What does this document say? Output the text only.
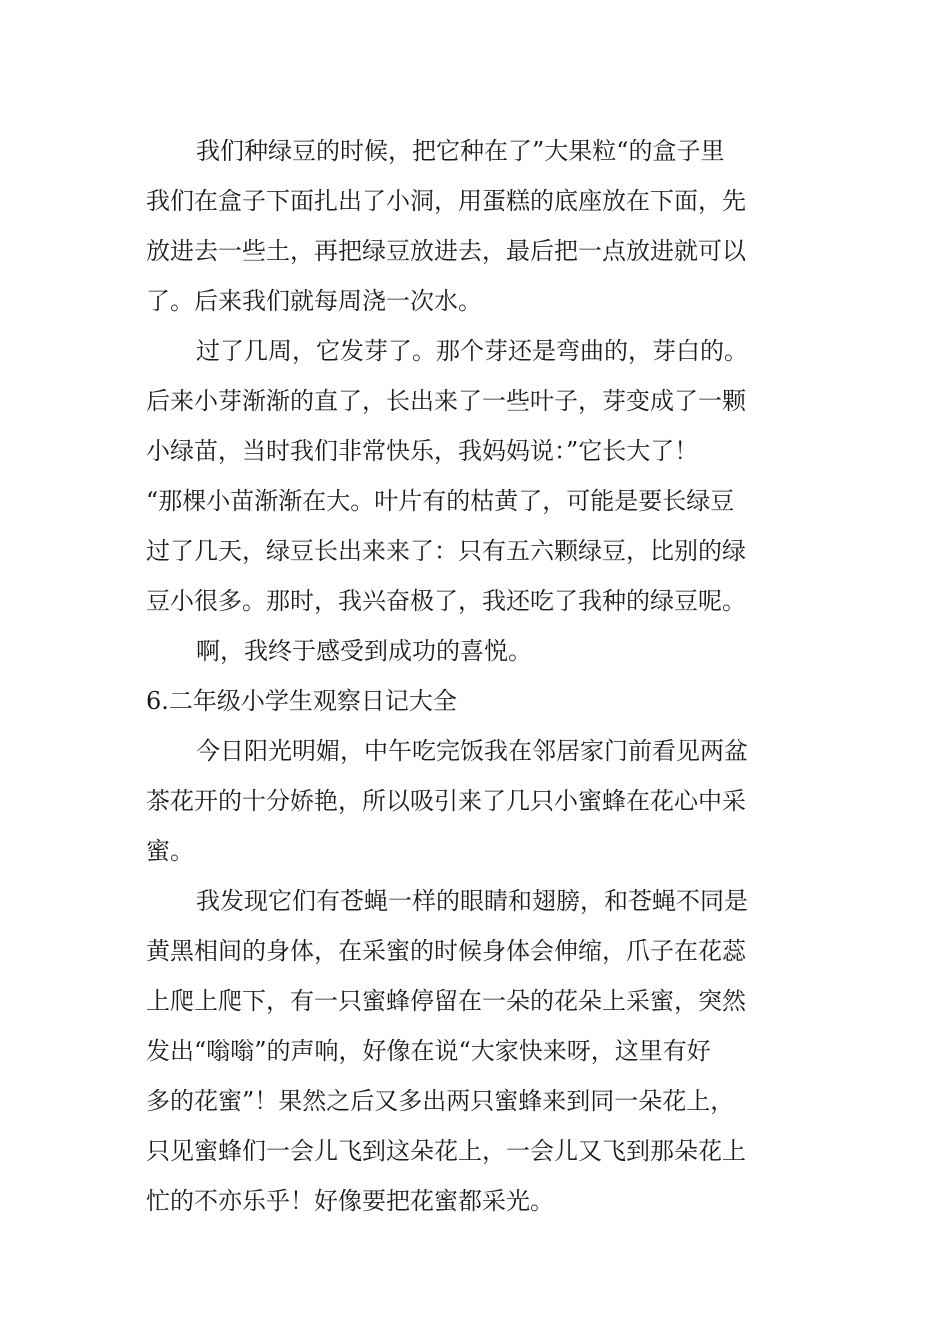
我们种绿豆的时候，把它种在了”大果粒“的盒子里
我们在盒子下面扎出了小洞，用蛋糕的底座放在下面，先
放进去一些土，再把绿豆放进去，最后把一点放进就可以
了。后来我们就每周浇一次水。
过了几周，它发芽了。那个芽还是弯曲的，芽白的。
后来小芽渐渐的直了，长出来了一些叶子，芽变成了一颗
小绿苗，当时我们非常快乐，我妈妈说：”它长大了！
“那棵小苗渐渐在大。叶片有的枯黄了，可能是要长绿豆
过了几天，绿豆长出来来了：只有五六颗绿豆，比别的绿
豆小很多。那时，我兴奋极了，我还吃了我种的绿豆呢。
啊，我终于感受到成功的喜悦。
6.二年级小学生观察日记大全
今日阳光明媚，中午吃完饭我在邻居家门前看见两盆
茶花开的十分娇艳，所以吸引来了几只小蜜蜂在花心中采
蜜。
我发现它们有苍蝇一样的眼睛和翅膀，和苍蝇不同是
黄黑相间的身体，在采蜜的时候身体会伸缩，爪子在花蕊
上爬上爬下，有一只蜜蜂停留在一朵的花朵上采蜜，突然
发出“嗡嗡”的声响，好像在说“大家快来呀，这里有好
多的花蜜”！果然之后又多出两只蜜蜂来到同一朵花上，
只见蜜蜂们一会儿飞到这朵花上，一会儿又飞到那朵花上
忙的不亦乐乎！好像要把花蜜都采光。
